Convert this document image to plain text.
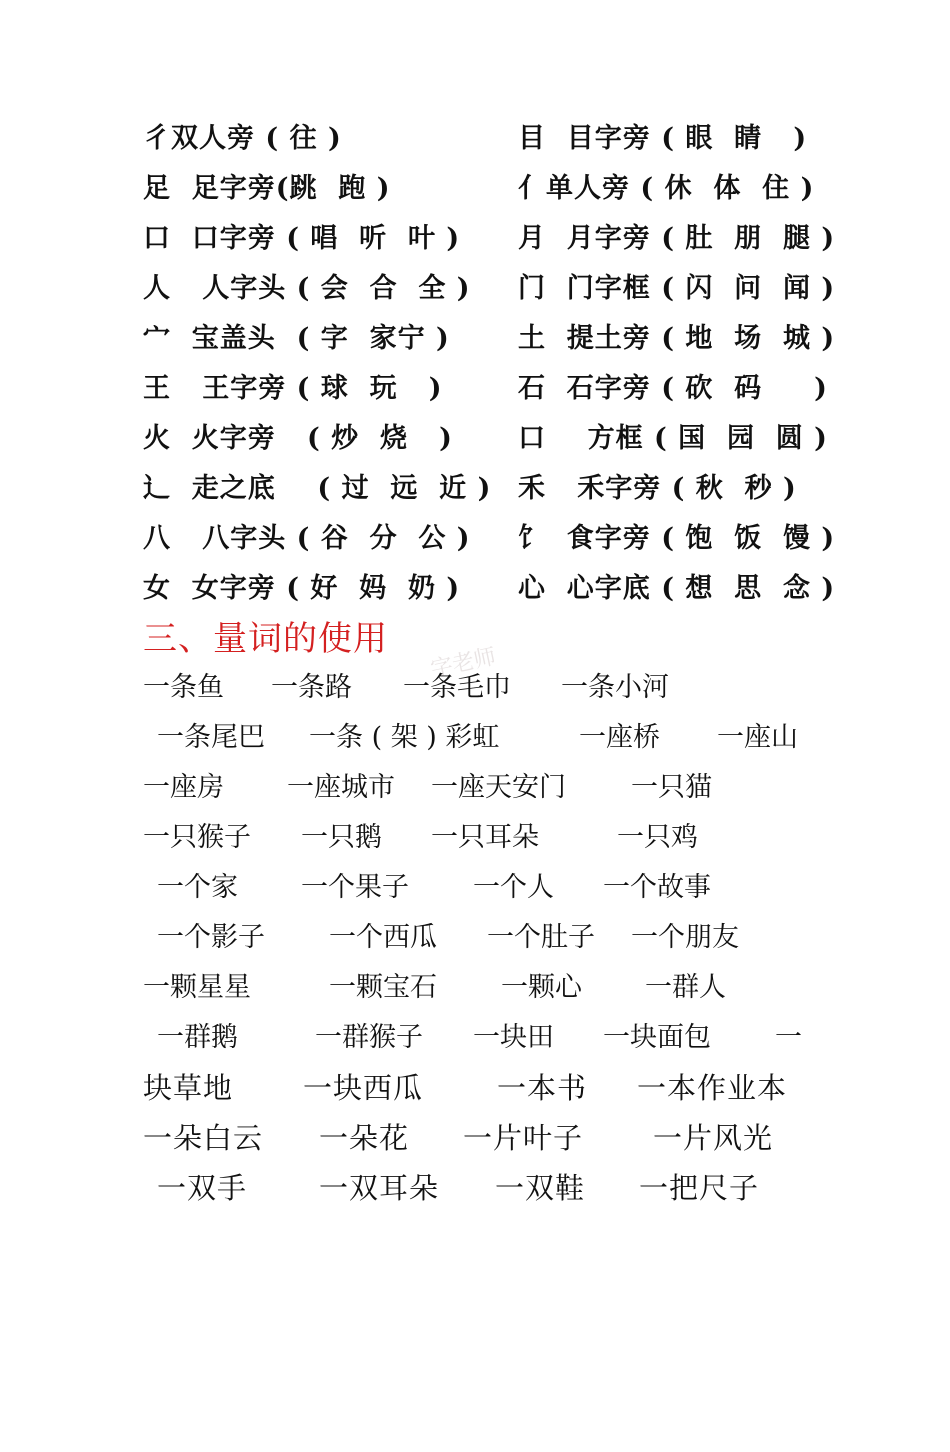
彳双人旁 ( 往 )	目  目字旁 ( 眼  睛   )
足  足字旁(跳  跑 )	亻单人旁 ( 休  体  住 )
口  口字旁 ( 唱  听  叶 ) 月  月字旁 ( 肚  朋  腿 )
人   人字头 ( 会  合  全 ) 门  门字框 ( 闪  问  闻 )
宀  宝盖头  ( 字  家宁 )	土  提土旁 ( 地  场  城 )
王   王字旁 ( 球  玩   )	石  石字旁 ( 砍  码     )
火  火字旁   ( 炒  烧   ) 口    方框 ( 国  园  圆 )
辶  走之底    ( 过  远  近 ) 禾   禾字旁 ( 秋  秒 )
八   八字头 ( 谷  分  公 ) 饣  食字旁 ( 饱  饭  馒 )
女  女字旁 ( 好  妈  奶 ) 心  心字底 ( 想  思  念 )
三、量词的使用
字老师

一条鱼

一条路

一条毛巾

一条小河

一条尾巴

一条 ( 架 ) 彩虹

	一座桥

一座山

一座房

一座城市

一座天安门

一只猫

一只猴子

一只鹅

一只耳朵

	一只鸡

一个家

一个果子

一个人

一个故事

一个影子

一个西瓜

一个肚子

一个朋友

一颗星星

	一颗宝石

一颗心

一群人

一群鹅

	一群猴子

一块田

一块面包

一

块草地

一块西瓜

	一本书

一本作业本

一朵白云

一朵花

一片叶子

一片风光

一双手

一双耳朵

一双鞋

一把尺子
